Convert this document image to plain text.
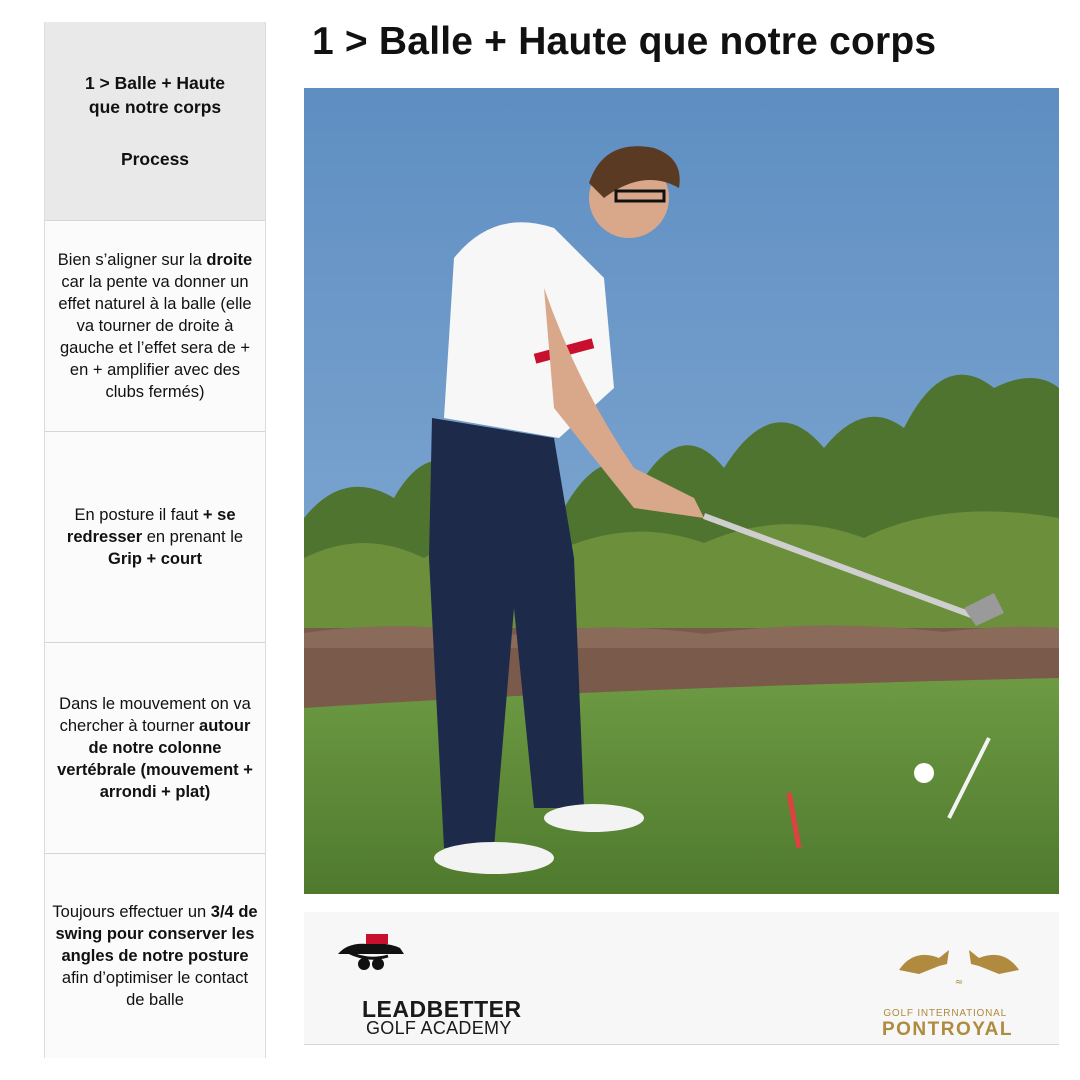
1 > Balle + Haute
que notre corps
Process
Bien s’aligner sur la droite car la pente va donner un effet naturel à la balle (elle va tourner de droite à gauche et l’effet sera de + en + amplifier avec des clubs fermés)
En posture il faut + se redresser en prenant le Grip + court
Dans le mouvement on va chercher à tourner autour de notre colonne vertébrale (mouvement + arrondi + plat)
Toujours effectuer un 3/4 de swing pour conserver les angles de notre posture afin d’optimiser le contact de balle
1 > Balle + Haute que notre corps
LEADBETTER
GOLF ACADEMY
≈
GOLF INTERNATIONAL
PONTROYAL
